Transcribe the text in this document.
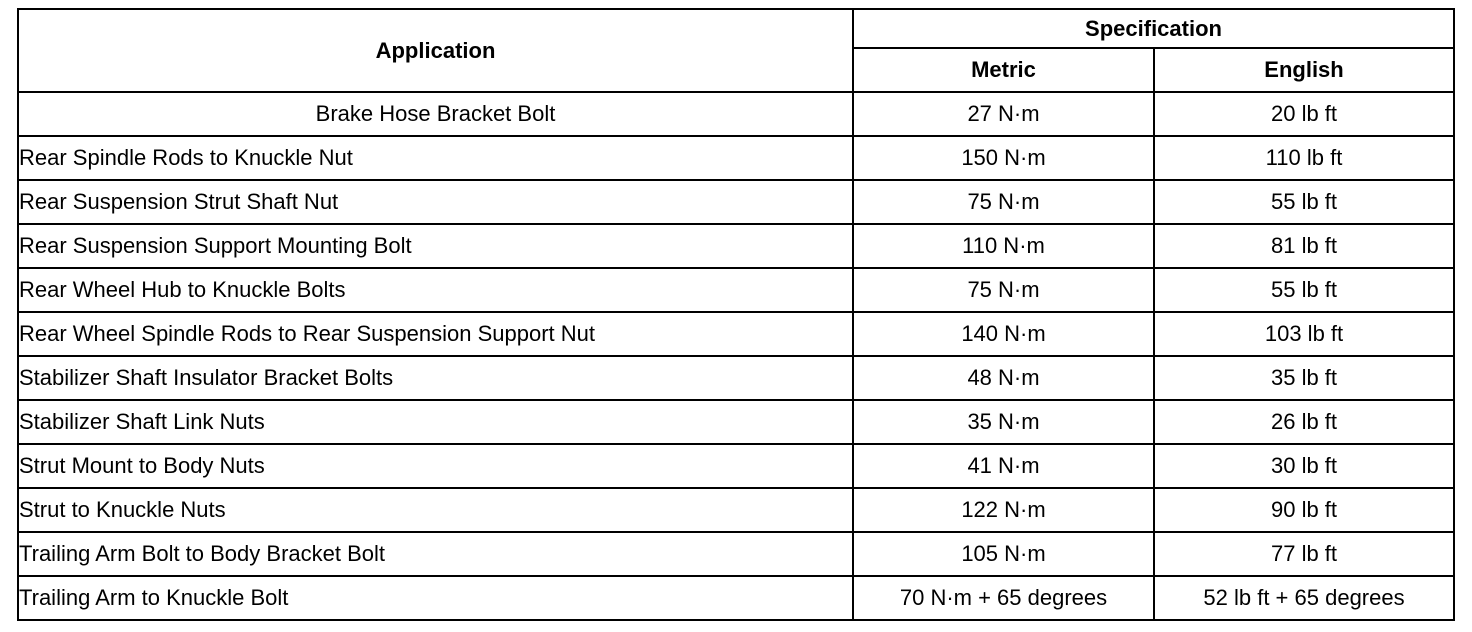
Application	Specification	
	Metric	English
Brake Hose Bracket Bolt	27 N·m	20 lb ft
Rear Spindle Rods to Knuckle Nut	150 N·m	110 lb ft
Rear Suspension Strut Shaft Nut	75 N·m	55 lb ft
Rear Suspension Support Mounting Bolt	110 N·m	81 lb ft
Rear Wheel Hub to Knuckle Bolts	75 N·m	55 lb ft
Rear Wheel Spindle Rods to Rear Suspension Support Nut	140 N·m	103 lb ft
Stabilizer Shaft Insulator Bracket Bolts	48 N·m	35 lb ft
Stabilizer Shaft Link Nuts	35 N·m	26 lb ft
Strut Mount to Body Nuts	41 N·m	30 lb ft
Strut to Knuckle Nuts	122 N·m	90 lb ft
Trailing Arm Bolt to Body Bracket Bolt	105 N·m	77 lb ft
Trailing Arm to Knuckle Bolt	70 N·m + 65 degrees	52 lb ft + 65 degrees
